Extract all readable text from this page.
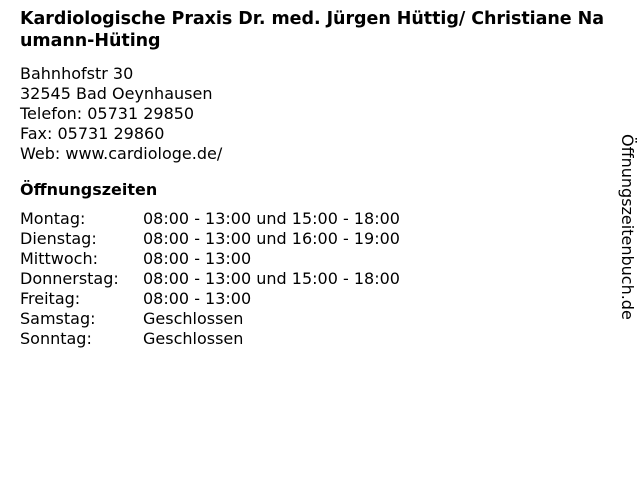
Kardiologische Praxis Dr. med. Jürgen Hüttig/ Christiane Naumann-Hüting
Bahnhofstr 30
32545 Bad Oeynhausen
Telefon: 05731 29850
Fax: 05731 29860
Web: www.cardiologe.de/
Öffnungszeiten
Montag:	08:00 - 13:00 und 15:00 - 18:00
Dienstag:	08:00 - 13:00 und 16:00 - 19:00
Mittwoch:	08:00 - 13:00
Donnerstag:	08:00 - 13:00 und 15:00 - 18:00
Freitag:	08:00 - 13:00
Samstag:	Geschlossen
Sonntag:	Geschlossen
Öffnungszeitenbuch.de
